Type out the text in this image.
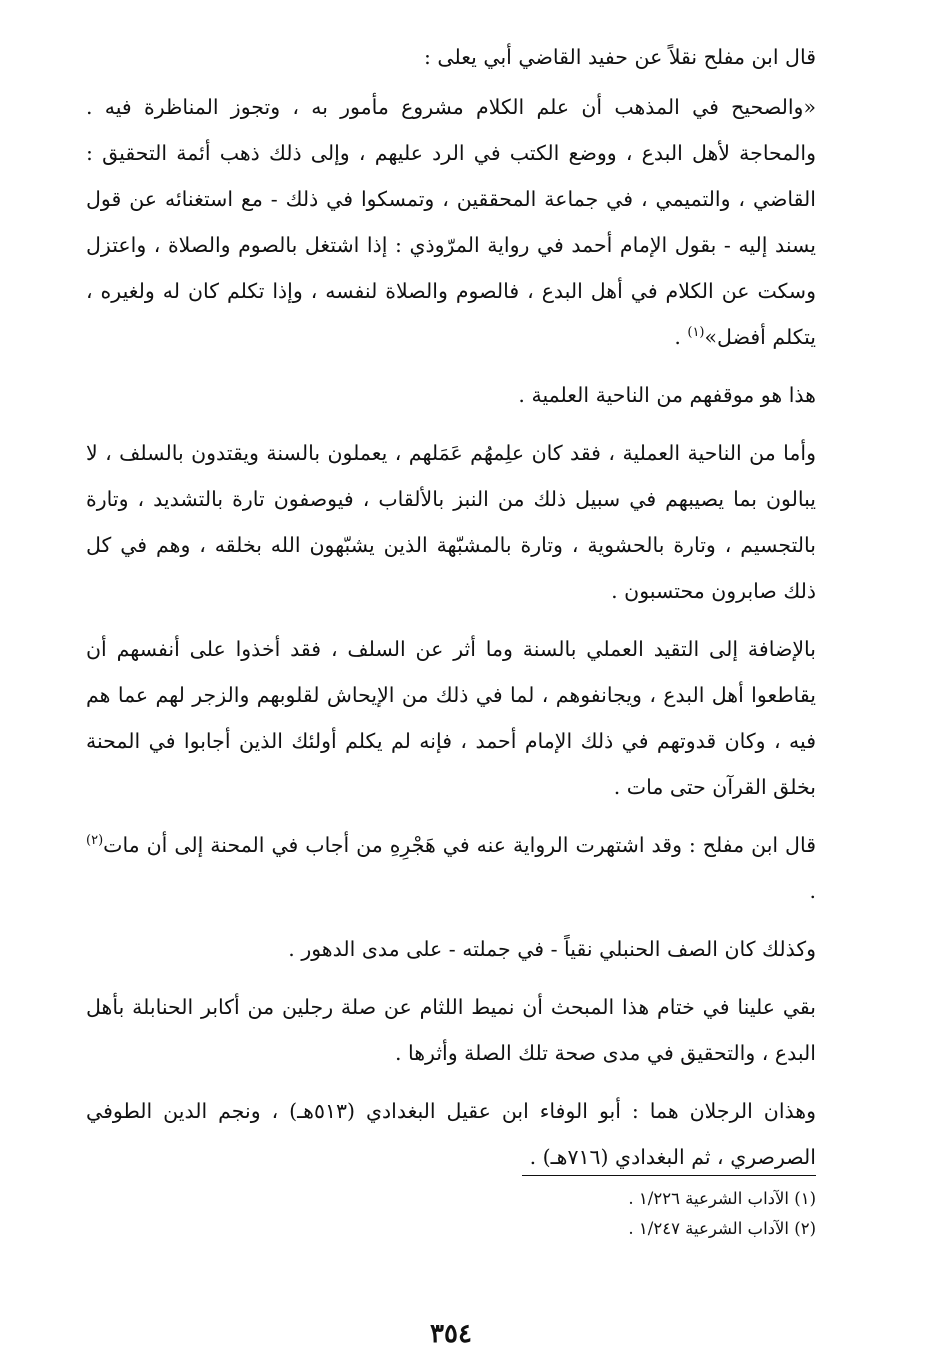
قال ابن مفلح نقلاً عن حفيد القاضي أبي يعلى :

«والصحيح في المذهب أن علم الكلام مشروع مأمور به ، وتجوز المناظرة فيه . والمحاجة لأهل البدع ، ووضع الكتب في الرد عليهم ، وإلى ذلك ذهب أئمة التحقيق : القاضي ، والتميمي ، في جماعة المحققين ، وتمسكوا في ذلك - مع استغنائه عن قول يسند إليه - بقول الإمام أحمد في رواية المرّوذي : إذا اشتغل بالصوم والصلاة ، واعتزل وسكت عن الكلام في أهل البدع ، فالصوم والصلاة لنفسه ، وإذا تكلم كان له ولغيره ، يتكلم أفضل»$^{(١)}$ .

هذا هو موقفهم من الناحية العلمية .

وأما من الناحية العملية ، فقد كان علِمهُم عَمَلهم ، يعملون بالسنة ويقتدون بالسلف ، لا يبالون بما يصيبهم في سبيل ذلك من النبز بالألقاب ، فيوصفون تارة بالتشديد ، وتارة بالتجسيم ، وتارة بالحشوية ، وتارة بالمشبّهة الذين يشبّهون الله بخلقه ، وهم في كل ذلك صابرون محتسبون .

بالإضافة إلى التقيد العملي بالسنة وما أثر عن السلف ، فقد أخذوا على أنفسهم أن يقاطعوا أهل البدع ، ويجانفوهم ، لما في ذلك من الإيحاش لقلوبهم والزجر لهم عما هم فيه ، وكان قدوتهم في ذلك الإمام أحمد ، فإنه لم يكلم أولئك الذين أجابوا في المحنة بخلق القرآن حتى مات .

قال ابن مفلح : وقد اشتهرت الرواية عنه في هَجْرِهِ من أجاب في المحنة إلى أن مات$^{(٢)}$ .

وكذلك كان الصف الحنبلي نقياً - في جملته - على مدى الدهور .

بقي علينا في ختام هذا المبحث أن نميط اللثام عن صلة رجلين من أكابر الحنابلة بأهل البدع ، والتحقيق في مدى صحة تلك الصلة وأثرها .

وهذان الرجلان هما : أبو الوفاء ابن عقيل البغدادي (٥١٣هـ) ، ونجم الدين الطوفي الصرصري ، ثم البغدادي (٧١٦هـ) .

(١) الآداب الشرعية ١/٢٢٦ .
(٢) الآداب الشرعية ١/٢٤٧ .
٣٥٤
